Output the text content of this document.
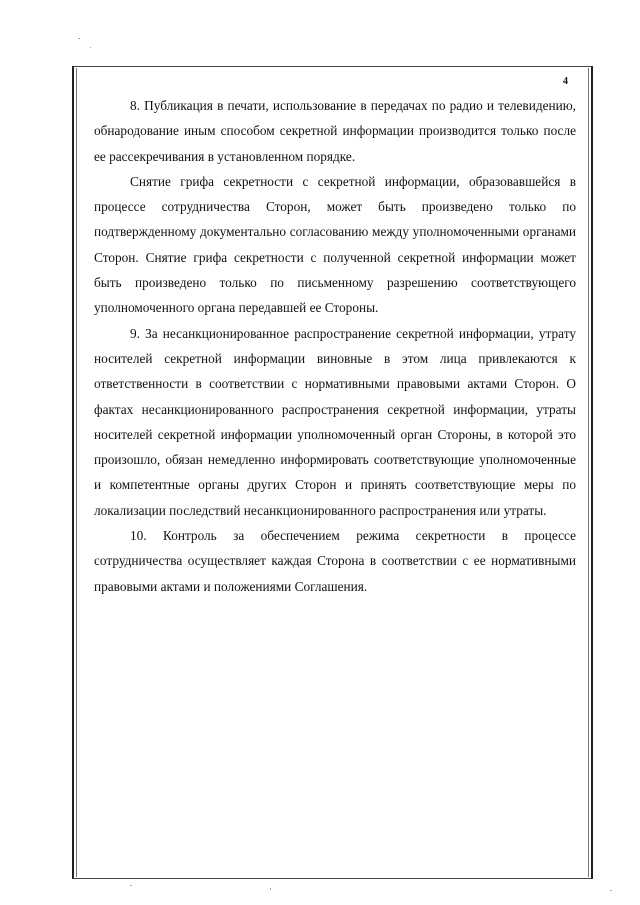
4

8. Публикация в печати, использование в передачах по радио и телевидению, обнародование иным способом секретной информации производится только после ее рассекречивания в установленном порядке.

Снятие грифа секретности с секретной информации, образовавшейся в процессе сотрудничества Сторон, может быть произведено только по подтвержденному документально согласованию между уполномоченными органами Сторон. Снятие грифа секретности с полученной секретной информации может быть произведено только по письменному разрешению соответствующего уполномоченного органа передавшей ее Стороны.

9. За несанкционированное распространение секретной информации, утрату носителей секретной информации виновные в этом лица привлекаются к ответственности в соответствии с нормативными правовыми актами Сторон. О фактах несанкционированного распространения секретной информации, утраты носителей секретной информации уполномоченный орган Стороны, в которой это произошло, обязан немедленно информировать соответствующие уполномоченные и компетентные органы других Сторон и принять соответствующие меры по локализации последствий несанкционированного распространения или утраты.

10. Контроль за обеспечением режима секретности в процессе сотрудничества осуществляет каждая Сторона в соответствии с ее нормативными правовыми актами и положениями Соглашения.
